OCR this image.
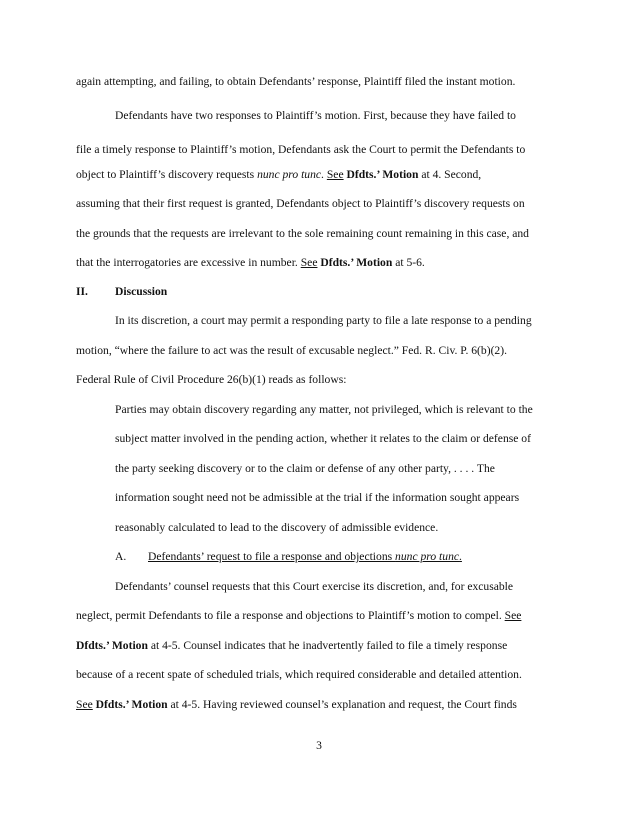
again attempting, and failing, to obtain Defendants’ response, Plaintiff filed the instant motion.
Defendants have two responses to Plaintiff’s motion. First, because they have failed to
file a timely response to Plaintiff’s motion, Defendants ask the Court to permit the Defendants to
object to Plaintiff’s discovery requests nunc pro tunc. See Dfdts.’ Motion at 4. Second,
assuming that their first request is granted, Defendants object to Plaintiff’s discovery requests on
the grounds that the requests are irrelevant to the sole remaining count remaining in this case, and
that the interrogatories are excessive in number. See Dfdts.’ Motion at 5-6.
II. Discussion
In its discretion, a court may permit a responding party to file a late response to a pending
motion, “where the failure to act was the result of excusable neglect.” Fed. R. Civ. P. 6(b)(2).
Federal Rule of Civil Procedure 26(b)(1) reads as follows:
Parties may obtain discovery regarding any matter, not privileged, which is relevant to the
subject matter involved in the pending action, whether it relates to the claim or defense of
the party seeking discovery or to the claim or defense of any other party, . . . . The
information sought need not be admissible at the trial if the information sought appears
reasonably calculated to lead to the discovery of admissible evidence.
A. Defendants’ request to file a response and objections nunc pro tunc.
Defendants’ counsel requests that this Court exercise its discretion, and, for excusable
neglect, permit Defendants to file a response and objections to Plaintiff’s motion to compel. See
Dfdts.’ Motion at 4-5. Counsel indicates that he inadvertently failed to file a timely response
because of a recent spate of scheduled trials, which required considerable and detailed attention.
See Dfdts.’ Motion at 4-5. Having reviewed counsel’s explanation and request, the Court finds
3
